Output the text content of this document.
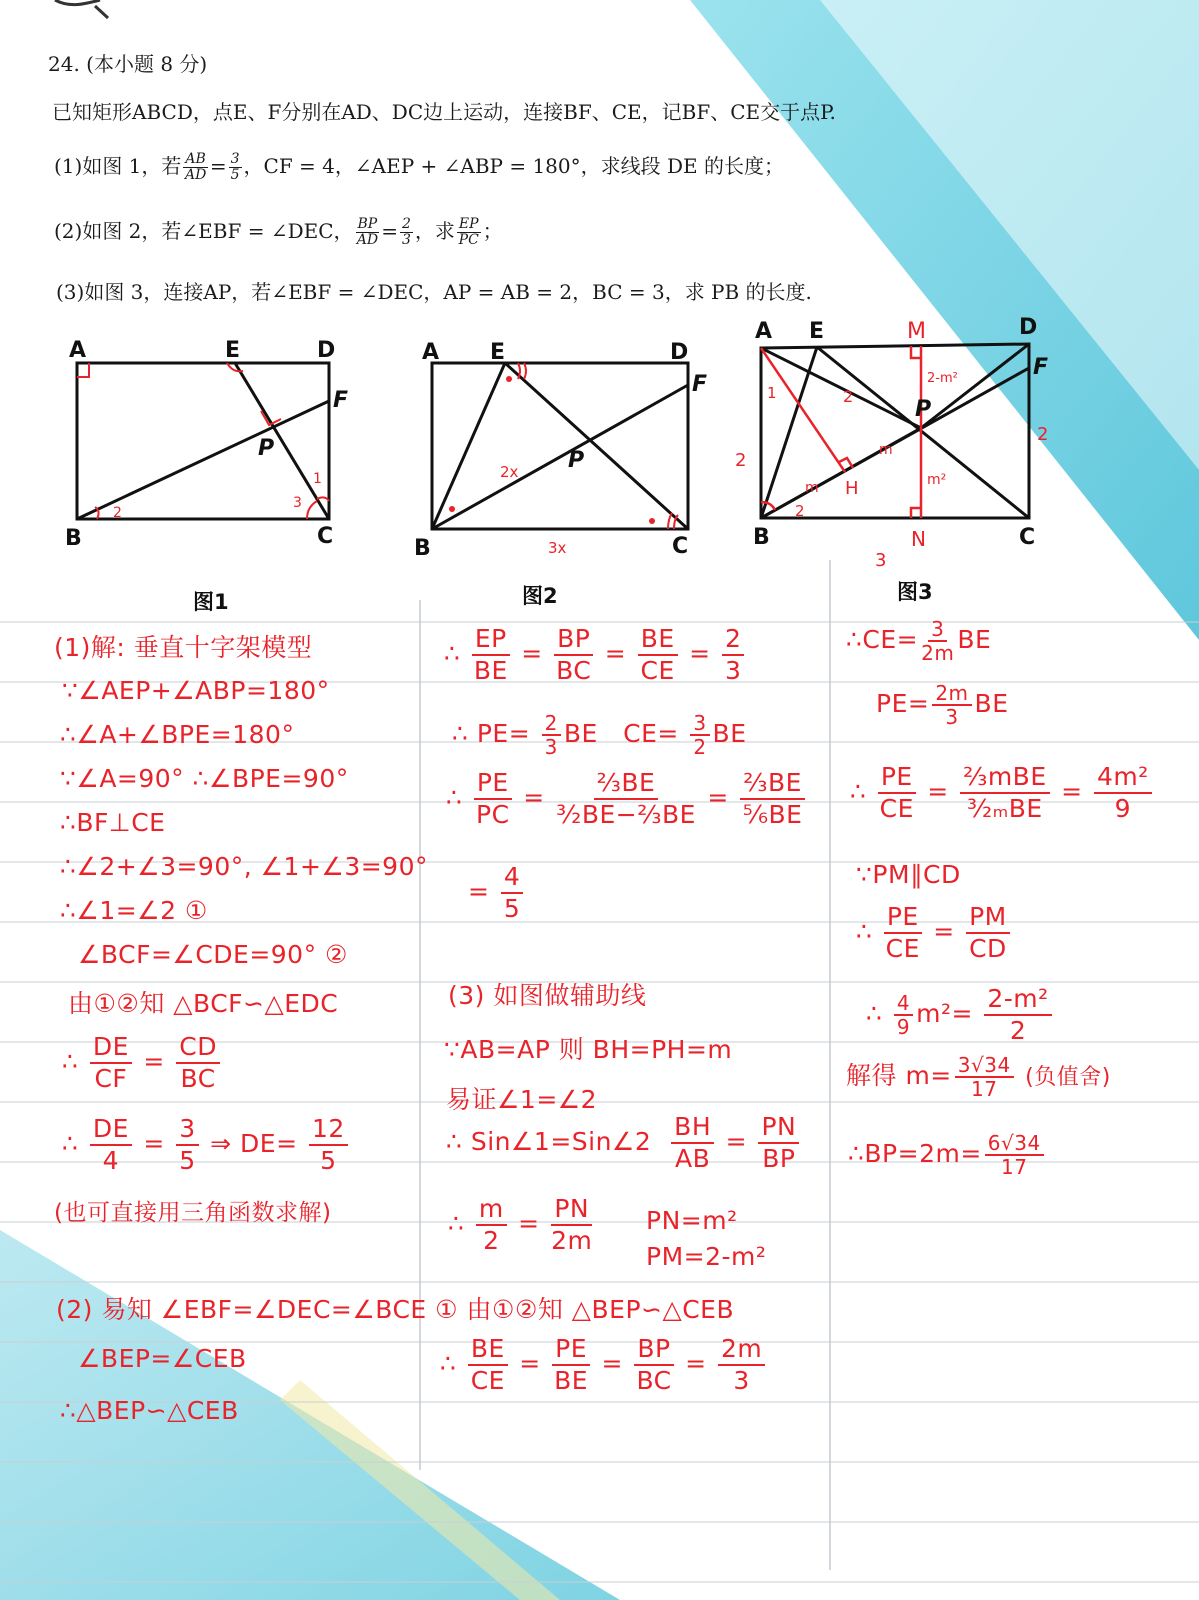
24. (本小题 8 分)
已知矩形ABCD，点E、F分别在AD、DC边上运动，连接BF、CE，记BF、CE交于点P.
(1)如图 1，若 $\frac{AB}{AD} = \frac{3}{5}$ ，CF = 4，∠AEP + ∠ABP = 180°，求线段 DE 的长度；
(2)如图 2，若∠EBF = ∠DEC， $\frac{BP}{AD} = \frac{2}{3}$ ，求 $\frac{EP}{PC}$ ；
(3)如图 3，连接AP，若∠EBF = ∠DEC，AP = AB = 2，BC = 3，求 PB 的长度.
A	E	D
F
P
B	C
1
2
3
A E	D
F
P
B	C
2x
3x
A E	M	D
F
P
B	C
N
H
1
2
2
2
2
3
2-m²
m²
m
m
图1	图2	图3
(1)解: 垂直十字架模型
∵∠AEP+∠ABP=180°
∴∠A+∠BPE=180°
∵∠A=90° ∴∠BPE=90°
∴BF⊥CE
∴∠2+∠3=90°, ∠1+∠3=90°
∴∠1=∠2 ①
∠BCF=∠CDE=90° ②
由①②知 △BCF∽△EDC
∴ $\frac{DE}{CF} = \frac{CD}{BC}$
∴ $\frac{DE}{4} = \frac{3}{5}$ ⇒ $DE= \frac{12}{5}$
(也可直接用三角函数求解)
(2) 易知 ∠EBF=∠DEC=∠BCE ① 由①②知 △BEP∽△CEB
∠BEP=∠CEB
∴△BEP∽△CEB
∴ $\frac{EP}{BE} = \frac{BP}{BC} = \frac{BE}{CE} = \frac{2}{3}$
∴ $PE= \frac{2}{3}$ BE $CE= \frac{3}{2}$ BE
∴ $\frac{PE}{PC} = \frac{\text{⅔BE}}{\text{³⁄₂BE−⅔BE}} = \frac{\text{⅔BE}}{\text{⁵⁄₆BE}}$
= $\frac{4}{5}$
(3) 如图做辅助线
∵AB=AP 则 BH=PH=m
易证∠1=∠2
∴ Sin∠1=Sin∠2 $\frac{BH}{AB} = \frac{PN}{BP}$
∴ $\frac{m}{2} = \frac{PN}{2m} PN=m^2$
PM=2-m²
∴ $\frac{BE}{CE} = \frac{PE}{BE} = \frac{BP}{BC} = \frac{2m}{3}$
∴CE= $\frac{3}{2m}$ BE
$PE= \frac{2m}{3}$ BE
∴ $\frac{PE}{CE}$ =
⅔mBE
³⁄₂ₘBE
= $\frac{\text{4m²}}{9}$
∵PM∥CD
∴ $\frac{PE}{CE} = \frac{PM}{CD}$
∴ $\frac{4}{9} m^2= \frac{\text{2-m²}}{2}$
解得 $m= \frac{3√34}{17}$ (负值舍)
∴BP=2m= $\frac{6√34}{17}$
